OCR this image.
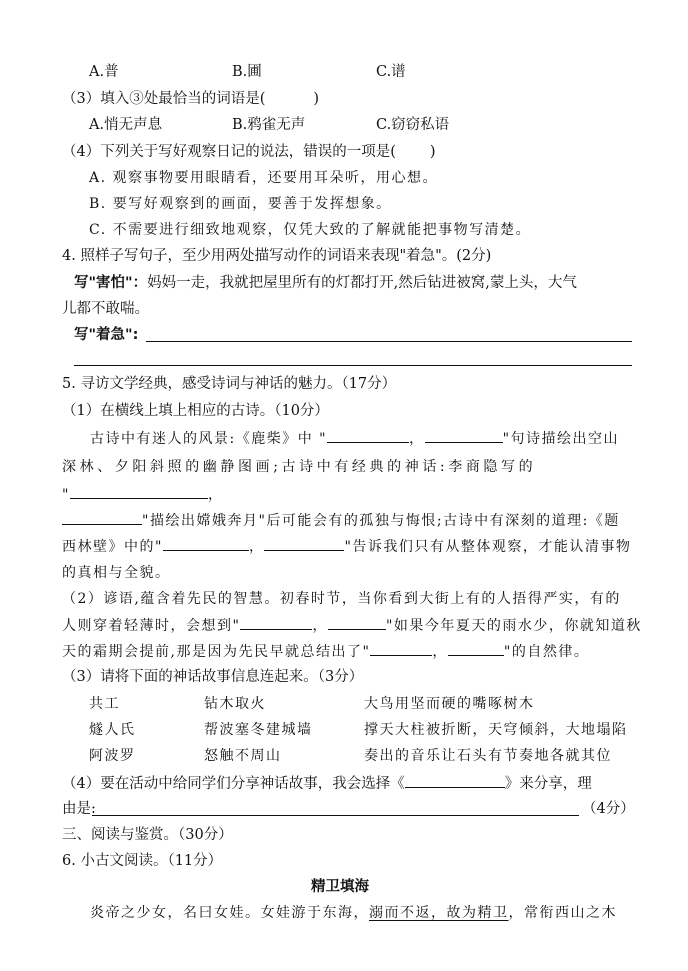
A.普	B.圃	C.谱
（3）填入③处最恰当的词语是(	)
A.悄无声息	B.鸦雀无声	C.窃窃私语
（4）下列关于写好观察日记的说法，错误的一项是( )
A. 观察事物要用眼睛看，还要用耳朵听，用心想。
B. 要写好观察到的画面，要善于发挥想象。
C. 不需要进行细致地观察，仅凭大致的了解就能把事物写清楚。
4. 照样子写句子，至少用两处描写动作的词语来表现"着急"。(2分)
写"害怕"：妈妈一走，我就把屋里所有的灯都打开,然后钻进被窝,蒙上头，大气
儿都不敢喘。
写"着急":
5. 寻访文学经典，感受诗词与神话的魅力。（17分）
（1）在横线上填上相应的古诗。（10分）
古诗中有迷人的风景:《鹿柴》中 "	，	"句诗描绘出空山
深林、夕阳斜照的幽静图画;古诗中有经典的神话:李商隐写的
"	，
"描绘出嫦娥奔月"后可能会有的孤独与悔恨;古诗中有深刻的道理:《题
西林壁》中的"	，	"告诉我们只有从整体观察，才能认清事物
的真相与全貌。
（2）谚语,蕴含着先民的智慧。初春时节，当你看到大街上有的人捂得严实，有的
人则穿着轻薄时，会想到"	，	"如果今年夏天的雨水少，你就知道秋
天的霜期会提前,那是因为先民早就总结出了"	，	"的自然律。
（3）请将下面的神话故事信息连起来。（3分）
共工	钻木取火	大鸟用坚而硬的嘴啄树木
燧人氏	帮波塞冬建城墙	撑天大柱被折断，天穹倾斜，大地塌陷
阿波罗	怒触不周山	奏出的音乐让石头有节奏地各就其位
（4）要在活动中给同学们分享神话故事，我会选择《	》来分享，理
由是:	（4分）
三、阅读与鉴赏。（30分）
6. 小古文阅读。（11分）
精卫填海
炎帝之少女，名曰女娃。女娃游于东海，溺而不返，故为精卫，常衔西山之木
